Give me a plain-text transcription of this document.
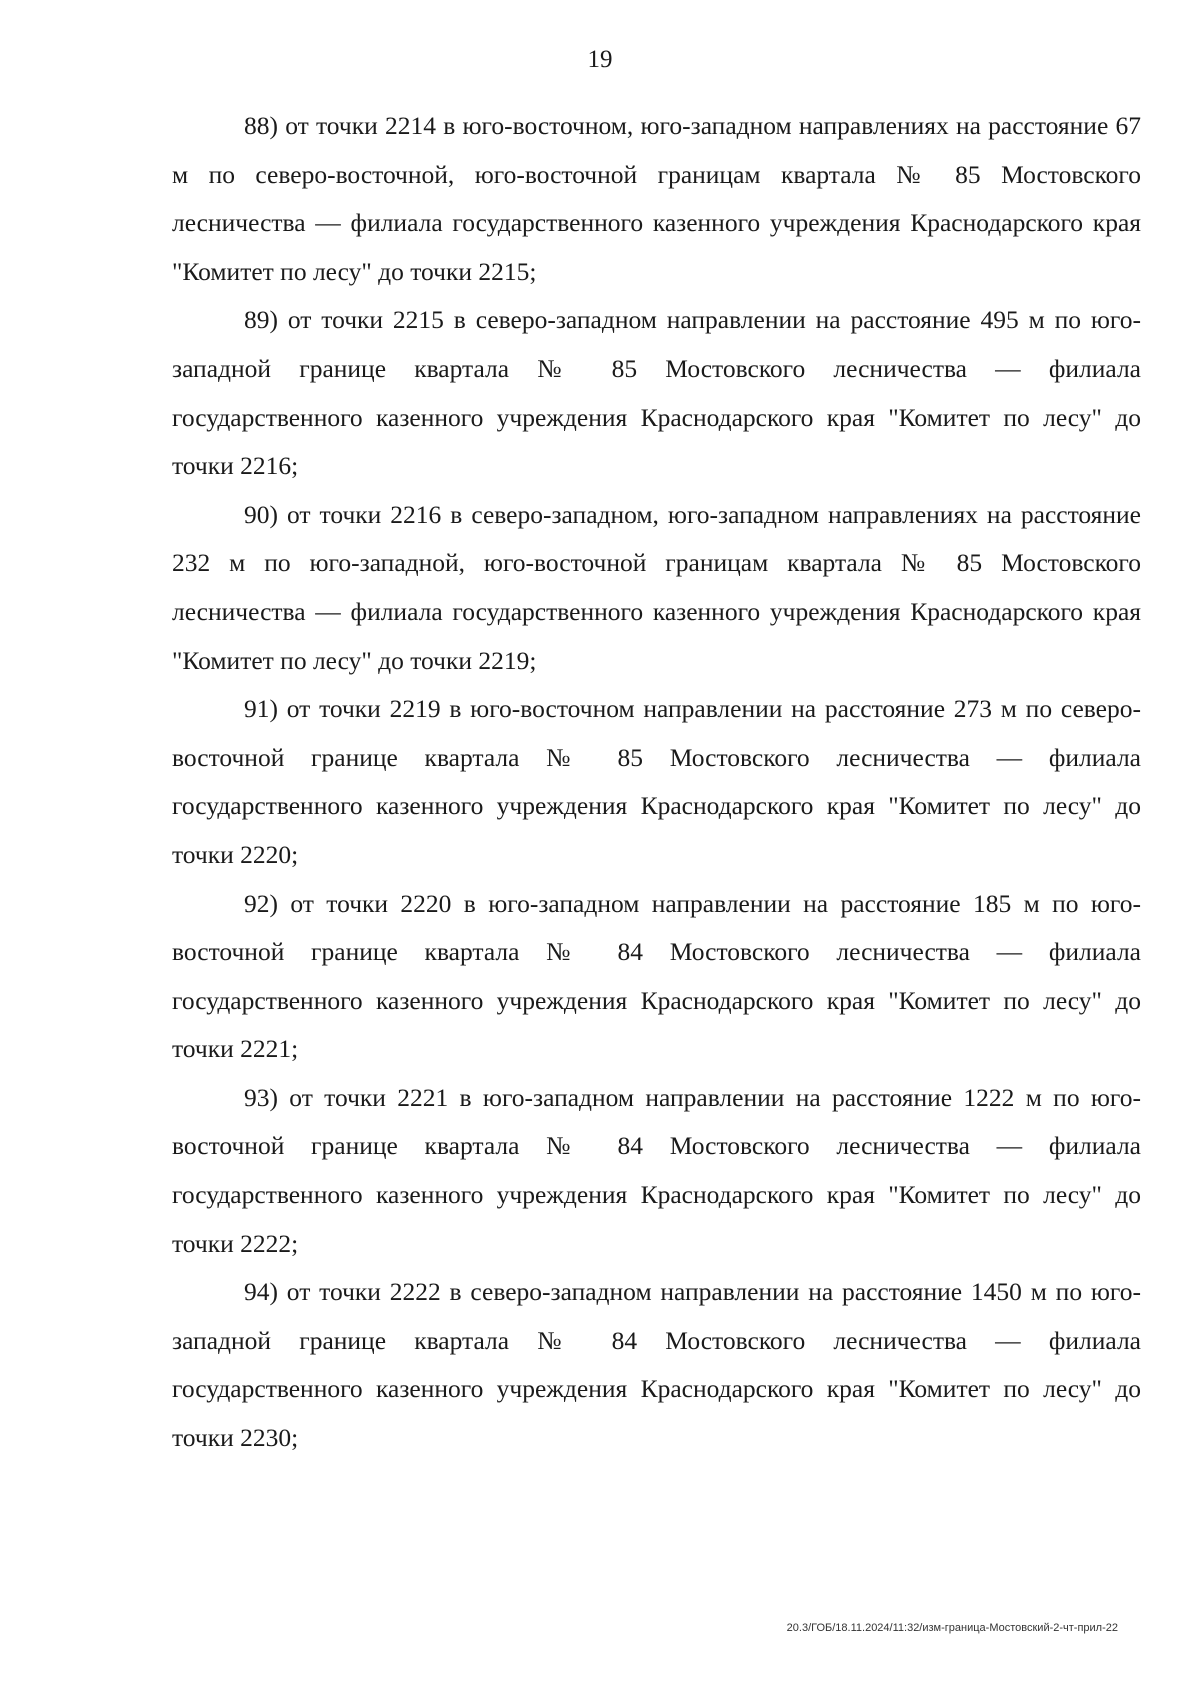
19

88) от точки 2214 в юго-восточном, юго-западном направлениях на расстояние 67 м по северо-восточной, юго-восточной границам квартала № 85 Мостовского лесничества — филиала государственного казенного учреждения Краснодарского края "Комитет по лесу" до точки 2215;

89) от точки 2215 в северо-западном направлении на расстояние 495 м по юго-западной границе квартала № 85 Мостовского лесничества — филиала государственного казенного учреждения Краснодарского края "Комитет по лесу" до точки 2216;

90) от точки 2216 в северо-западном, юго-западном направлениях на расстояние 232 м по юго-западной, юго-восточной границам квартала № 85 Мостовского лесничества — филиала государственного казенного учреждения Краснодарского края "Комитет по лесу" до точки 2219;

91) от точки 2219 в юго-восточном направлении на расстояние 273 м по северо-восточной границе квартала № 85 Мостовского лесничества — филиала государственного казенного учреждения Краснодарского края "Комитет по лесу" до точки 2220;

92) от точки 2220 в юго-западном направлении на расстояние 185 м по юго-восточной границе квартала № 84 Мостовского лесничества — филиала государственного казенного учреждения Краснодарского края "Комитет по лесу" до точки 2221;

93) от точки 2221 в юго-западном направлении на расстояние 1222 м по юго-восточной границе квартала № 84 Мостовского лесничества — филиала государственного казенного учреждения Краснодарского края "Комитет по лесу" до точки 2222;

94) от точки 2222 в северо-западном направлении на расстояние 1450 м по юго-западной границе квартала № 84 Мостовского лесничества — филиала государственного казенного учреждения Краснодарского края "Комитет по лесу" до точки 2230;

20.3/ГОБ/18.11.2024/11:32/изм-граница-Мостовский-2-чт-прил-22
